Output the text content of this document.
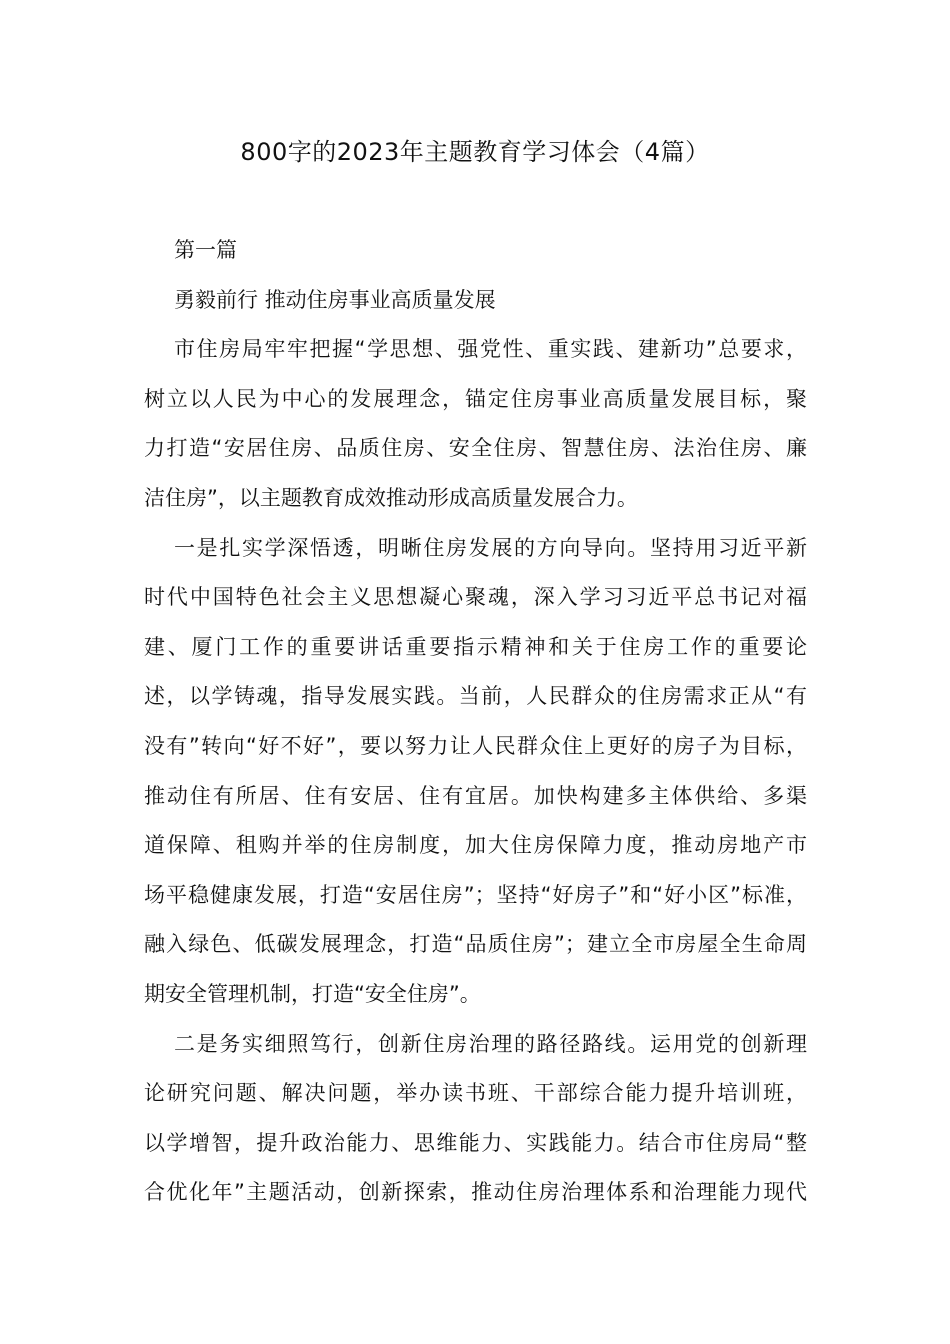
800字的2023年主题教育学习体会（4篇）
第一篇
勇毅前行 推动住房事业高质量发展
市住房局牢牢把握“学思想、强党性、重实践、建新功”总要求，
树立以人民为中心的发展理念，锚定住房事业高质量发展目标，聚
力打造“安居住房、品质住房、安全住房、智慧住房、法治住房、廉
洁住房”，以主题教育成效推动形成高质量发展合力。
一是扎实学深悟透，明晰住房发展的方向导向。坚持用习近平新
时代中国特色社会主义思想凝心聚魂，深入学习习近平总书记对福
建、厦门工作的重要讲话重要指示精神和关于住房工作的重要论
述，以学铸魂，指导发展实践。当前，人民群众的住房需求正从“有
没有”转向“好不好”，要以努力让人民群众住上更好的房子为目标，
推动住有所居、住有安居、住有宜居。加快构建多主体供给、多渠
道保障、租购并举的住房制度，加大住房保障力度，推动房地产市
场平稳健康发展，打造“安居住房”；坚持“好房子”和“好小区”标准，
融入绿色、低碳发展理念，打造“品质住房”；建立全市房屋全生命周
期安全管理机制，打造“安全住房”。
二是务实细照笃行，创新住房治理的路径路线。运用党的创新理
论研究问题、解决问题，举办读书班、干部综合能力提升培训班，
以学增智，提升政治能力、思维能力、实践能力。结合市住房局“整
合优化年”主题活动，创新探索，推动住房治理体系和治理能力现代
